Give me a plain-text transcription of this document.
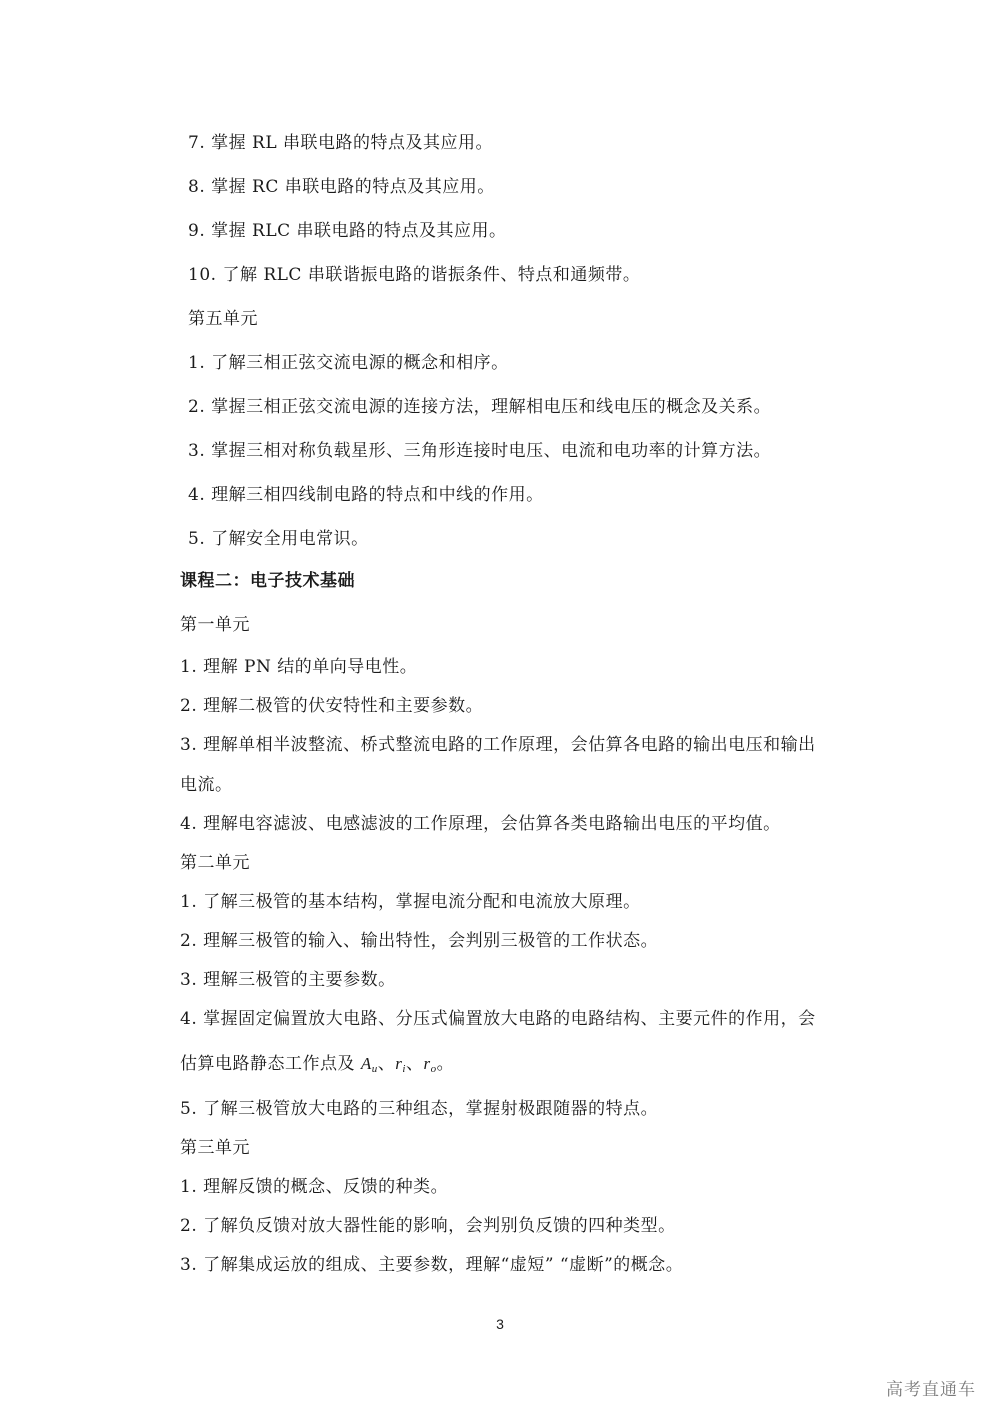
7. 掌握 RL 串联电路的特点及其应用。
8. 掌握 RC 串联电路的特点及其应用。
9. 掌握 RLC 串联电路的特点及其应用。
10. 了解 RLC 串联谐振电路的谐振条件、特点和通频带。
第五单元
1. 了解三相正弦交流电源的概念和相序。
2. 掌握三相正弦交流电源的连接方法，理解相电压和线电压的概念及关系。
3. 掌握三相对称负载星形、三角形连接时电压、电流和电功率的计算方法。
4. 理解三相四线制电路的特点和中线的作用。
5. 了解安全用电常识。
课程二：电子技术基础
第一单元
1. 理解 PN 结的单向导电性。
2. 理解二极管的伏安特性和主要参数。
3. 理解单相半波整流、桥式整流电路的工作原理，会估算各电路的输出电压和输出
电流。
4. 理解电容滤波、电感滤波的工作原理，会估算各类电路输出电压的平均值。
第二单元
1. 了解三极管的基本结构，掌握电流分配和电流放大原理。
2. 理解三极管的输入、输出特性，会判别三极管的工作状态。
3. 理解三极管的主要参数。
4. 掌握固定偏置放大电路、分压式偏置放大电路的电路结构、主要元件的作用，会
估算电路静态工作点及 $A_u$、$r_i$、$r_o$。
5. 了解三极管放大电路的三种组态，掌握射极跟随器的特点。
第三单元
1. 理解反馈的概念、反馈的种类。
2. 了解负反馈对放大器性能的影响，会判别负反馈的四种类型。
3. 了解集成运放的组成、主要参数，理解“虚短” “虚断”的概念。
3
高考直通车
